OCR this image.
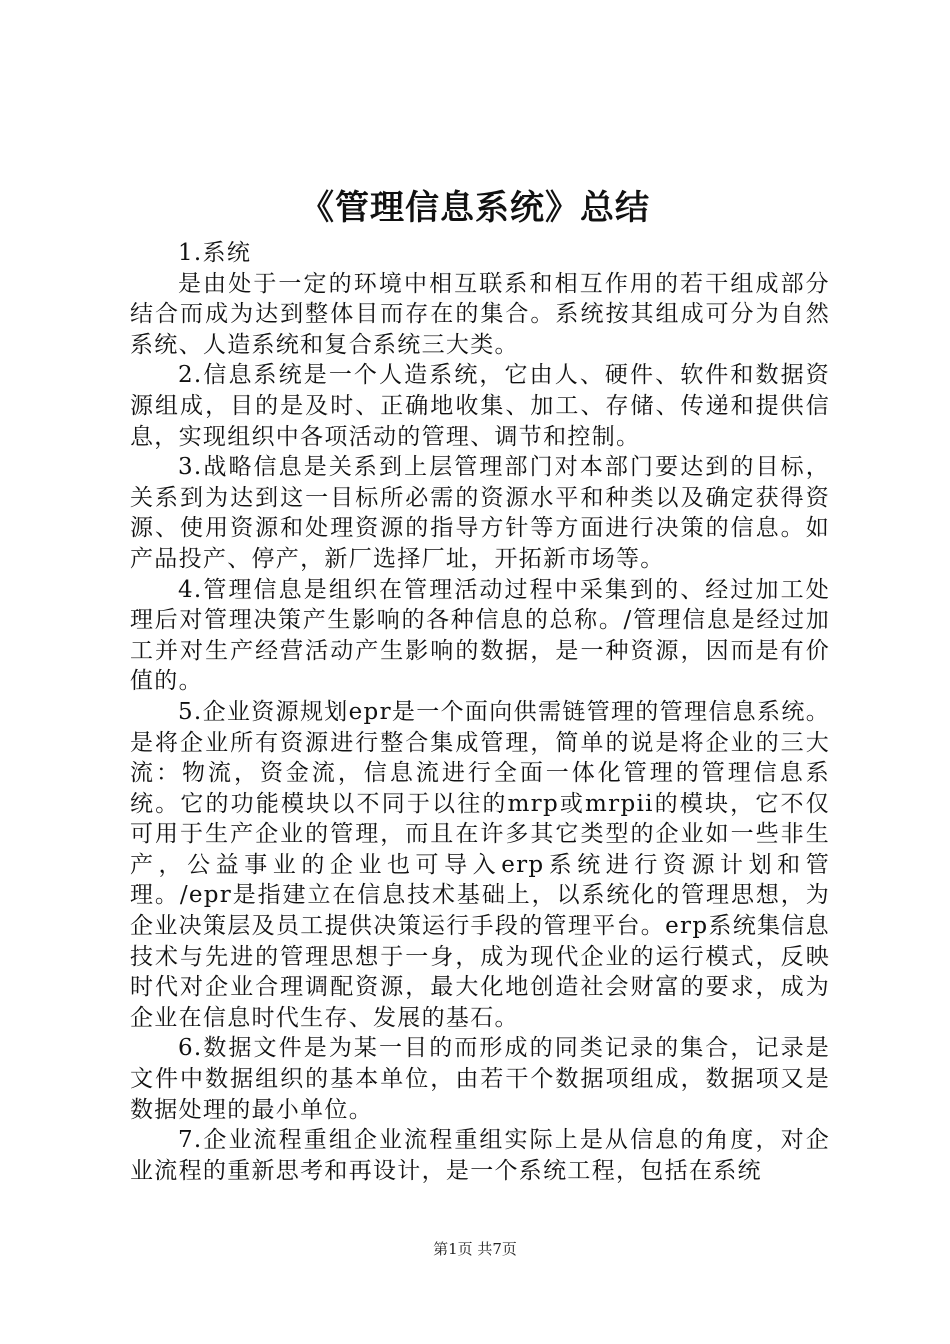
《管理信息系统》总结

1.系统

是由处于一定的环境中相互联系和相互作用的若干组成部分结合而成为达到整体目而存在的集合。系统按其组成可分为自然系统、人造系统和复合系统三大类。

2.信息系统是一个人造系统，它由人、硬件、软件和数据资源组成，目的是及时、正确地收集、加工、存储、传递和提供信息，实现组织中各项活动的管理、调节和控制。

3.战略信息是关系到上层管理部门对本部门要达到的目标，关系到为达到这一目标所必需的资源水平和种类以及确定获得资源、使用资源和处理资源的指导方针等方面进行决策的信息。如产品投产、停产，新厂选择厂址，开拓新市场等。

4.管理信息是组织在管理活动过程中采集到的、经过加工处理后对管理决策产生影响的各种信息的总称。/管理信息是经过加工并对生产经营活动产生影响的数据，是一种资源，因而是有价值的。

5.企业资源规划epr是一个面向供需链管理的管理信息系统。是将企业所有资源进行整合集成管理，简单的说是将企业的三大流：物流，资金流，信息流进行全面一体化管理的管理信息系统。它的功能模块以不同于以往的mrp或mrpii的模块，它不仅可用于生产企业的管理，而且在许多其它类型的企业如一些非生产，公益事业的企业也可导入erp系统进行资源计划和管理。/epr是指建立在信息技术基础上，以系统化的管理思想，为企业决策层及员工提供决策运行手段的管理平台。erp系统集信息技术与先进的管理思想于一身，成为现代企业的运行模式，反映时代对企业合理调配资源，最大化地创造社会财富的要求，成为企业在信息时代生存、发展的基石。

6.数据文件是为某一目的而形成的同类记录的集合，记录是文件中数据组织的基本单位，由若干个数据项组成，数据项又是数据处理的最小单位。

7.企业流程重组企业流程重组实际上是从信息的角度，对企业流程的重新思考和再设计，是一个系统工程，包括在系统

第1页 共7页
